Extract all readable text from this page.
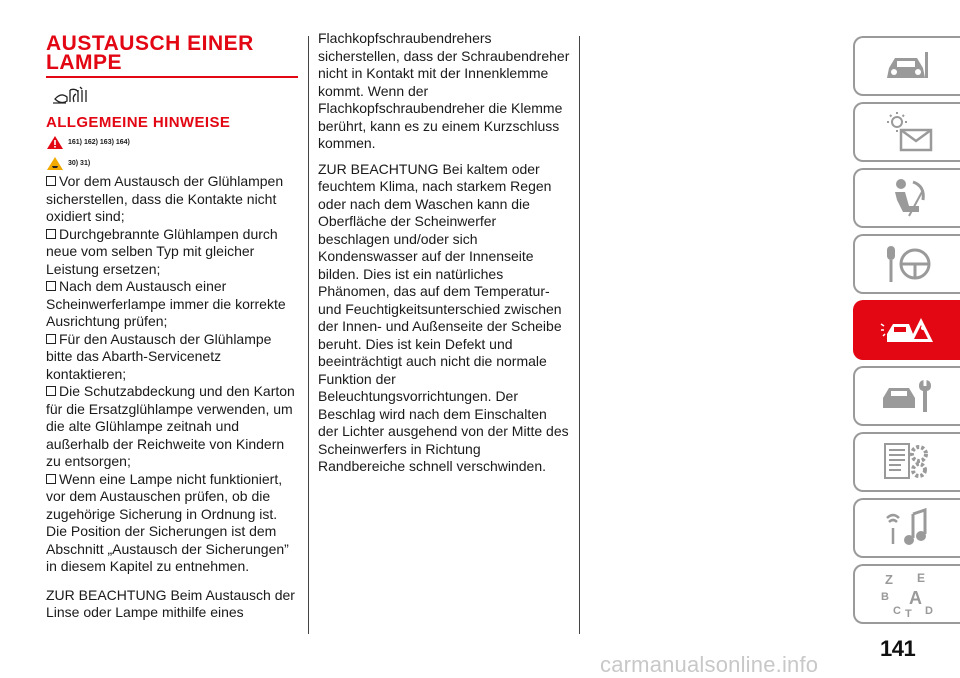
AUSTAUSCH EINER LAMPE
ALLGEMEINE HINWEISE
161) 162) 163) 164)
30) 31)

Vor dem Austausch der Glühlampen sicherstellen, dass die Kontakte nicht oxidiert sind;

Durchgebrannte Glühlampen durch neue vom selben Typ mit gleicher Leistung ersetzen;

Nach dem Austausch einer Scheinwerferlampe immer die korrekte Ausrichtung prüfen;

Für den Austausch der Glühlampe bitte das Abarth-Servicenetz kontaktieren;

Die Schutzabdeckung und den Karton für die Ersatzglühlampe verwenden, um die alte Glühlampe zeitnah und außerhalb der Reichweite von Kindern zu entsorgen;

Wenn eine Lampe nicht funktioniert, vor dem Austauschen prüfen, ob die zugehörige Sicherung in Ordnung ist. Die Position der Sicherungen ist dem Abschnitt „Austausch der Sicherungen” in diesem Kapitel zu entnehmen.

ZUR BEACHTUNG Beim Austausch der Linse oder Lampe mithilfe eines

Flachkopfschraubendrehers sicherstellen, dass der Schraubendreher nicht in Kontakt mit der Innenklemme kommt. Wenn der Flachkopfschraubendreher die Klemme berührt, kann es zu einem Kurzschluss kommen.

ZUR BEACHTUNG Bei kaltem oder feuchtem Klima, nach starkem Regen oder nach dem Waschen kann die Oberfläche der Scheinwerfer beschlagen und/oder sich Kondenswasser auf der Innenseite bilden. Dies ist ein natürliches Phänomen, das auf dem Temperatur- und Feuchtigkeitsunterschied zwischen der Innen- und Außenseite der Scheibe beruht. Dies ist kein Defekt und beeinträchtigt auch nicht die normale Funktion der Beleuchtungsvorrichtungen. Der Beschlag wird nach dem Einschalten der Lichter ausgehend von der Mitte des Scheinwerfers in Richtung Randbereiche schnell verschwinden.

Z E
B A
C T D
141
carmanualsonline.info
